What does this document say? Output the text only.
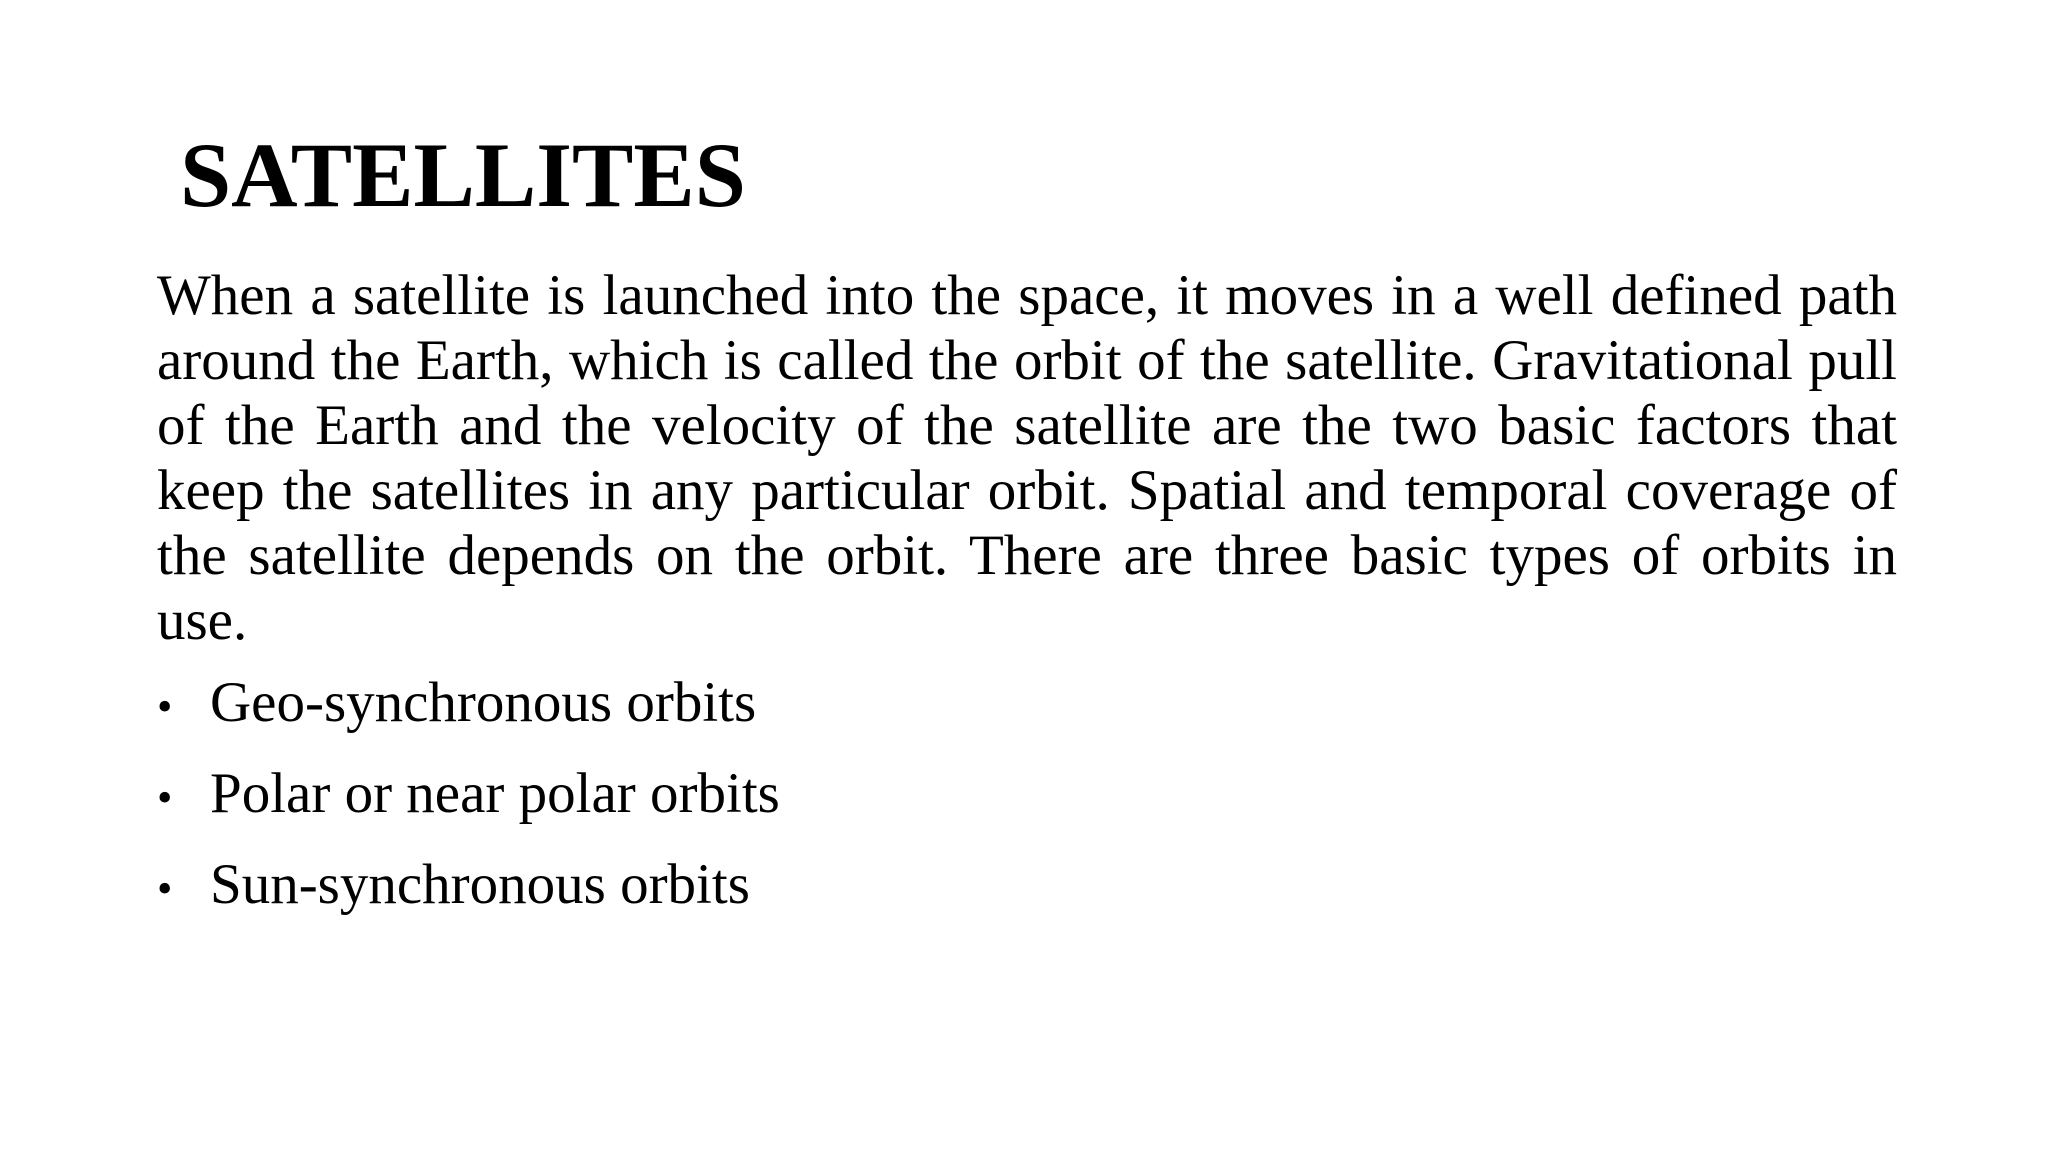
SATELLITES

When a satellite is launched into the space, it moves in a well defined path around the Earth, which is called the orbit of the satellite. Gravitational pull of the Earth and the velocity of the satellite are the two basic factors that keep the satellites in any particular orbit. Spatial and temporal coverage of the satellite depends on the orbit. There are three basic types of orbits in use.

• Geo-synchronous orbits
• Polar or near polar orbits
• Sun-synchronous orbits
